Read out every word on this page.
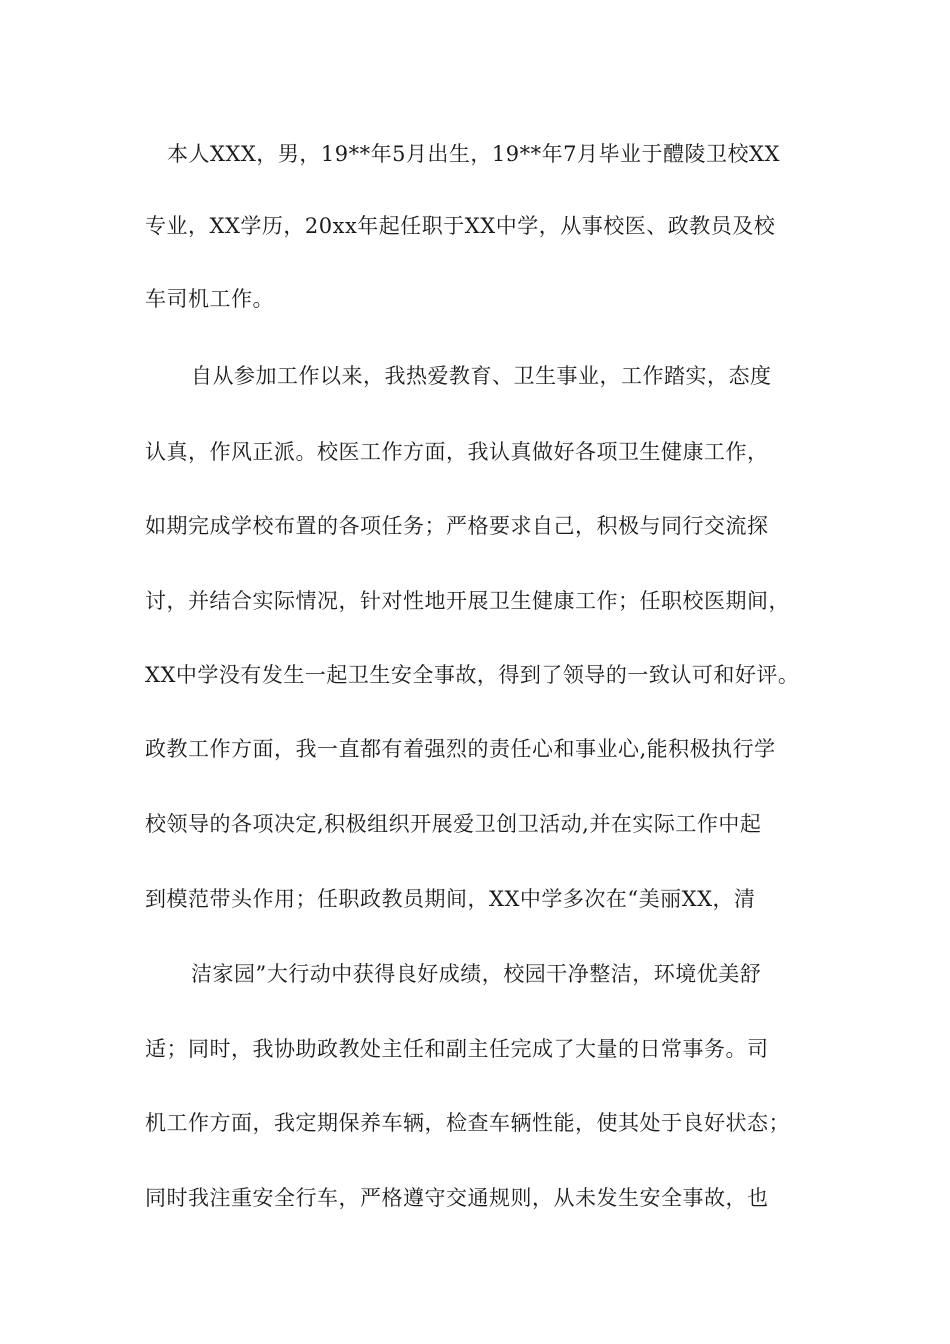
本人XXX，男，19**年5月出生，19**年7月毕业于醴陵卫校XX
专业，XX学历，20xx年起任职于XX中学，从事校医、政教员及校
车司机工作。
自从参加工作以来，我热爱教育、卫生事业，工作踏实，态度
认真，作风正派。校医工作方面，我认真做好各项卫生健康工作，
如期完成学校布置的各项任务；严格要求自己，积极与同行交流探
讨，并结合实际情况，针对性地开展卫生健康工作；任职校医期间，
XX中学没有发生一起卫生安全事故，得到了领导的一致认可和好评。
政教工作方面，我一直都有着强烈的责任心和事业心,能积极执行学
校领导的各项决定,积极组织开展爱卫创卫活动,并在实际工作中起
到模范带头作用；任职政教员期间，XX中学多次在“美丽XX，清
洁家园”大行动中获得良好成绩，校园干净整洁，环境优美舒
适；同时，我协助政教处主任和副主任完成了大量的日常事务。司
机工作方面，我定期保养车辆，检查车辆性能，使其处于良好状态；
同时我注重安全行车，严格遵守交通规则，从未发生安全事故，也
